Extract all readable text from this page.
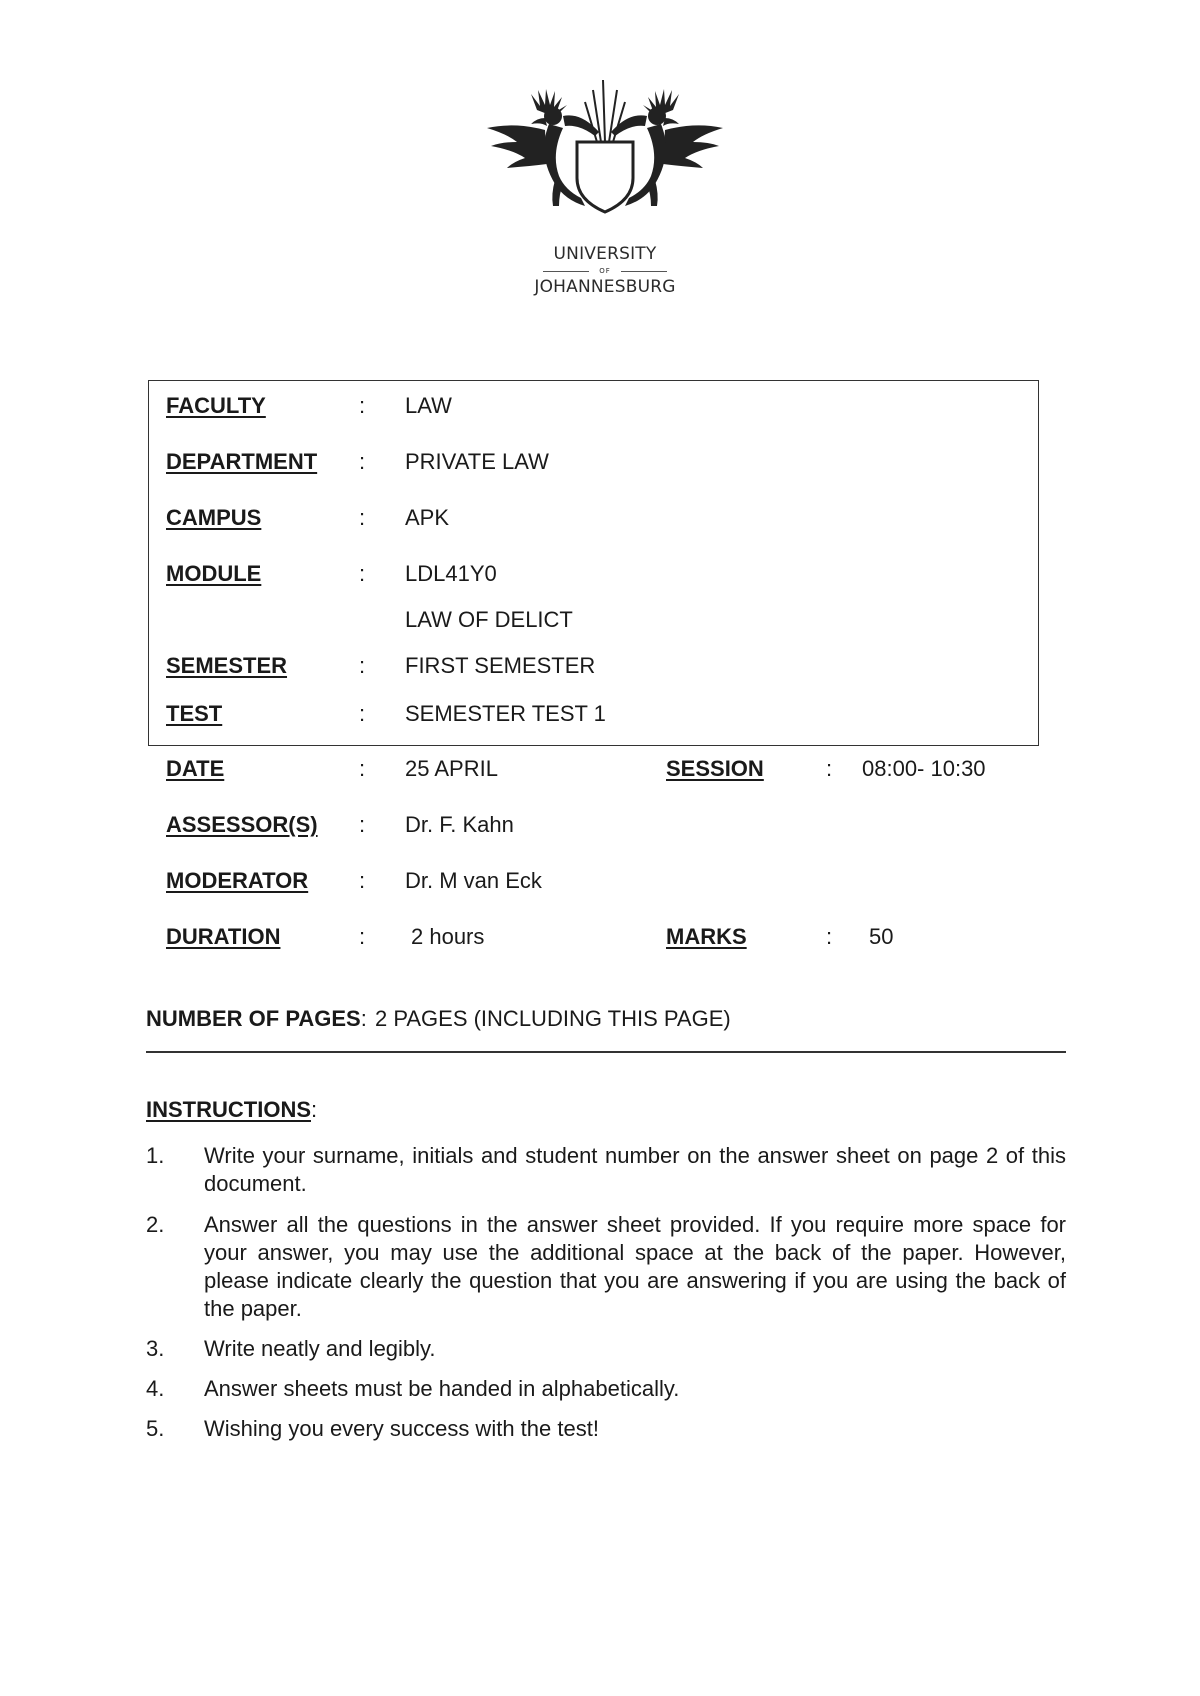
UNIVERSITY
OF
JOHANNESBURG
FACULTY	: LAW
DEPARTMENT : PRIVATE LAW
CAMPUS	: APK
MODULE	: LDL41Y0
LAW OF DELICT
SEMESTER	: FIRST SEMESTER
TEST	: SEMESTER TEST 1
DATE	: 25 APRIL	SESSION	: 08:00- 10:30
ASSESSOR(S) : Dr. F. Kahn
MODERATOR : Dr. M van Eck
DURATION	: 2 hours	MARKS	: 50
NUMBER OF PAGES: 2 PAGES (INCLUDING THIS PAGE)
INSTRUCTIONS:
1. Write your surname, initials and student number on the answer sheet on page 2 of this document.
2. Answer all the questions in the answer sheet provided. If you require more space for your answer, you may use the additional space at the back of the paper. However, please indicate clearly the question that you are answering if you are using the back of the paper.
3. Write neatly and legibly.
4. Answer sheets must be handed in alphabetically.
5. Wishing you every success with the test!
